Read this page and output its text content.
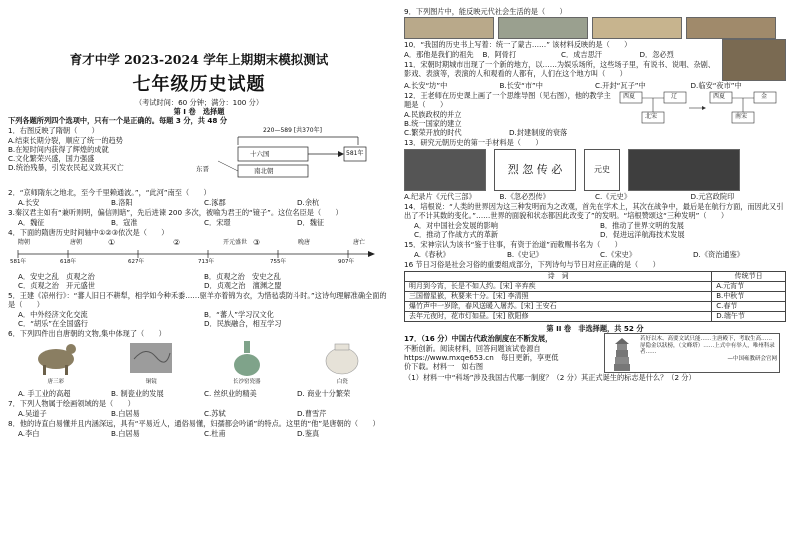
育才中学 2023-2024 学年上期期末模拟测试
七年级历史试题
（考试时间：60 分钟；满分：100 分）
第 I 卷　选择题
下列各题所列四个选项中，只有一个是正确的。每题 3 分，共 48 分
1．右图反映了隋朝（　　）
A.结束长期分裂，顺应了统一的趋势
B.在短时间内获得了辉煌的成就
C.文化繁荣兴盛，国力强盛
D.统治残暴，引发农民起义致其灭亡
220—589 [共370年]
十六国	581年
南北朝
东晋
2．“京师隋东之地北，至今千里赖通波。”，“此河”南至（　　）
A.长安	B.洛阳	C.涿郡	D.余杭
3.秦汉君主如有“兼听则明，偏信则暗”，先后进谏 200 多次，被喻为君王的“镜子”。这位名臣是（　　）
A．魏征	B．寇准	C．宋璟	D．魏征
4．下面的隋唐历史时间轴中①②③依次是（　　）
隋朝	唐朝	①	②	开元盛世 ③	晚唐	唐亡
581年	618年	627年	713年	755年	907年
A．安史之乱　贞观之治	B．贞观之治　安史之乱
C．贞观之治　开元盛世	D．贞观之治　澶渊之盟
5．王建《凉州行》：“蕃人旧日不耕犁，相学如今种禾黍……驱羊亦着锦为衣，为惜毡裘防斗时。”这诗句理解准确全面的是（　　）
A．中外经济文化交流	B．“蕃人”学习汉文化
C．“胡乐”在全国盛行	D．民族融合，相互学习
6．下列四件出自唐朝的文物,集中体现了（　　）
唐三彩	铜镜	长沙窑瓷器	白瓷
A. 手工业的高超	B. 制瓷业的发展	C. 丝织业的精美	D. 商业十分繁荣
7．下列人物属于绘画领域的是（　　）
A.吴道子	B.白居易	C.苏轼	D.曹雪芹
8．他的诗直白易懂并且内涵深远，具有“平易近人，通俗易懂，妇孺都会吟诵”的特点。这里的“他”是唐朝的（　　）
A.李白	B.白居易	C.杜甫	D.鉴真
9．下列图片中，能反映元代社会生活的是（　　）
10．“我国的历史书上写着：统一了蒙古……” 该材料反映的是（　　）
A．那他是我们的祖先	B．阿骨打	C．成吉思汗	D．忽必烈
11．宋朝时期城市出现了一个新的地方，以……为娱乐场所，这些场子里，有说书、说唱、杂剧、影戏、表演等，表演的人和观看的人都有，人们在这个地方叫（　　）
A.长安“坊”中	B.长安“市”中	C.开封“瓦子”中	D.临安“夜市”中
12．王老师在历史课上画了一个思维导图（见右图），他的教学主题是（　　）
A.民族政权的并立
B.统一国家的建立
C.繁荣开放的时代	D.封建制度的衰落
西夏	辽
北宋
西夏	金
南宋
13．研究元朝历史的第一手材料是（　　）
烈 忽 传 必	元史
A.纪录片《元代三部》	B.《忽必烈传》	C.《元史》	D.元宫政院印
14．培根说：“人类的世界因为这三种发明而为之改观，首先在学术上，其次在战争中，最后是在航行方面，而因此又引出了不计其数的变化。”……世界的面貌和状态都因此改变了”的发明。“培根赞颂这“三种发明”（　　）
A．对中国社会发展的影响	B．推动了世界文明的发展
C．推动了作战方式的革新	D．促进远洋航海技术发展
15．宋神宗认为该书“鉴于往事，有资于治道”而敕赐书名为（　　）
A.《春秋》	B.《史记》	C.《宋史》	D.《资治通鉴》
16 节日习俗是社会习俗的重要组成部分，下列诗句与节日对应正确的是（　　）
诗　词	传统节日
明月到今宵，长是不如人约。[宋] 辛弃疾	A.元宵节
三国僧星嵌，秋要来十分。[宋] 李清照	B.中秋节
爆竹声中一岁除，春风送暖入屠苏。[宋] 王安石	C.春节
去年元夜时，花市灯如昼。[宋] 欧阳修	D.端午节
第 II 卷　非选择题，共 52 分
17．（16 分）中国古代政治制度在不断发展，
不断创新。阅读材料，回答问题该试卷源自
https://www.mxqe653.cn　每日更新，享更低
价下载。材料一　如右图
若好以木、高要文试只能……主唐殿下，考取生高……屏隐金以狀榜，（文峰塔）……上式中有举人，唯州科录者……
—中国雍教研会官网
（1）材料一中“科场”涉及我国古代哪一制度？（2 分）其正式诞生的标志是什么？（2 分）
